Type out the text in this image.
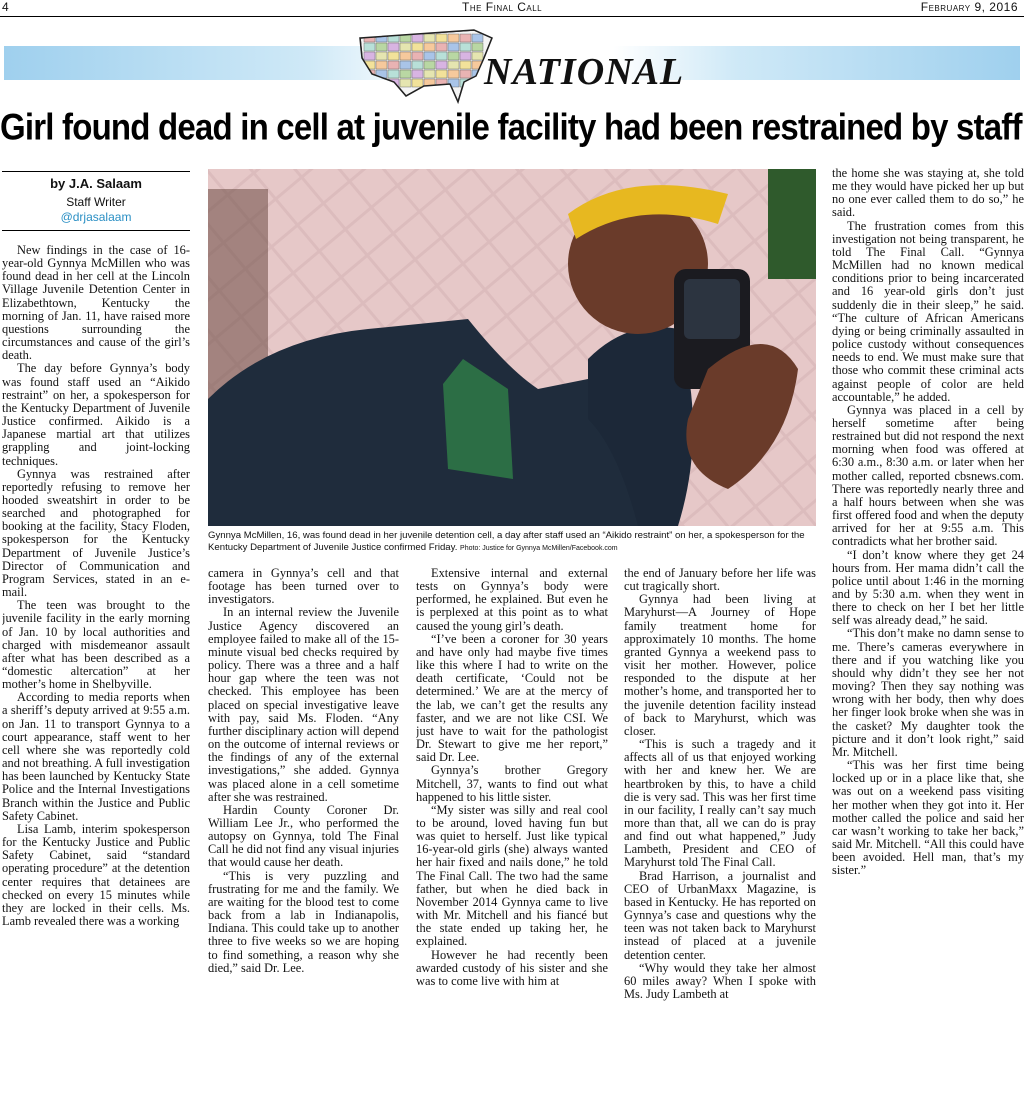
4	The Final Call	February 9, 2016
NATIONAL
Girl found dead in cell at juvenile facility had been restrained by staff
by J.A. Salaam
Staff Writer
@drjasalaam
Gynnya McMillen, 16, was found dead in her juvenile detention cell, a day after staff used an “Aikido restraint” on her, a spokesperson for the Kentucky Department of Juvenile Justice confirmed Friday. Photo: Justice for Gynnya McMillen/Facebook.com

New findings in the case of 16-year-old Gynnya McMillen who was found dead in her cell at the Lincoln Village Juvenile Detention Center in Elizabethtown, Kentucky the morning of Jan. 11, have raised more questions surrounding the circumstances and cause of the girl’s death.

The day before Gynnya’s body was found staff used an “Aikido restraint” on her, a spokesperson for the Kentucky Department of Juvenile Justice confirmed. Aikido is a Japanese martial art that utilizes grappling and joint-locking techniques.

Gynnya was restrained after reportedly refusing to remove her hooded sweatshirt in order to be searched and photographed for booking at the facility, Stacy Floden, spokesperson for the Kentucky Department of Juvenile Justice’s Director of Communication and Program Services, stated in an e-mail.

The teen was brought to the juvenile facility in the early morning of Jan. 10 by local authorities and charged with misdemeanor assault after what has been described as a “domestic altercation” at her mother’s home in Shelbyville.

According to media reports when a sheriff’s deputy arrived at 9:55 a.m. on Jan. 11 to transport Gynnya to a court appearance, staff went to her cell where she was reportedly cold and not breathing. A full investigation has been launched by Kentucky State Police and the Internal Investigations Branch within the Justice and Public Safety Cabinet.

Lisa Lamb, interim spokesperson for the Kentucky Justice and Public Safety Cabinet, said “standard operating procedure” at the detention center requires that detainees are checked on every 15 minutes while they are locked in their cells. Ms. Lamb revealed there was a working

camera in Gynnya’s cell and that footage has been turned over to investigators.

In an internal review the Juvenile Justice Agency discovered an employee failed to make all of the 15-minute visual bed checks required by policy. There was a three and a half hour gap where the teen was not checked. This employee has been placed on special investigative leave with pay, said Ms. Floden. “Any further disciplinary action will depend on the outcome of internal reviews or the findings of any of the external investigations,” she added. Gynnya was placed alone in a cell sometime after she was restrained.

Hardin County Coroner Dr. William Lee Jr., who performed the autopsy on Gynnya, told The Final Call he did not find any visual injuries that would cause her death.

“This is very puzzling and frustrating for me and the family. We are waiting for the blood test to come back from a lab in Indianapolis, Indiana. This could take up to another three to five weeks so we are hoping to find something, a reason why she died,” said Dr. Lee.

Extensive internal and external tests on Gynnya’s body were performed, he explained. But even he is perplexed at this point as to what caused the young girl’s death.

“I’ve been a coroner for 30 years and have only had maybe five times like this where I had to write on the death certificate, ‘Could not be determined.’ We are at the mercy of the lab, we can’t get the results any faster, and we are not like CSI. We just have to wait for the pathologist Dr. Stewart to give me her report,” said Dr. Lee.

Gynnya’s brother Gregory Mitchell, 37, wants to find out what happened to his little sister.

“My sister was silly and real cool to be around, loved having fun but was quiet to herself. Just like typical 16-year-old girls (she) always wanted her hair fixed and nails done,” he told The Final Call. The two had the same father, but when he died back in November 2014 Gynnya came to live with Mr. Mitchell and his fiancé but the state ended up taking her, he explained.

However he had recently been awarded custody of his sister and she was to come live with him at

the end of January before her life was cut tragically short.

Gynnya had been living at Maryhurst—A Journey of Hope family treatment home for approximately 10 months. The home granted Gynnya a weekend pass to visit her mother. However, police responded to the dispute at her mother’s home, and transported her to the juvenile detention facility instead of back to Maryhurst, which was closer.

“This is such a tragedy and it affects all of us that enjoyed working with her and knew her. We are heartbroken by this, to have a child die is very sad. This was her first time in our facility, I really can’t say much more than that, all we can do is pray and find out what happened,” Judy Lambeth, President and CEO of Maryhurst told The Final Call.

Brad Harrison, a journalist and CEO of UrbanMaxx Magazine, is based in Kentucky. He has reported on Gynnya’s case and questions why the teen was not taken back to Maryhurst instead of placed at a juvenile detention center.

“Why would they take her almost 60 miles away? When I spoke with Ms. Judy Lambeth at

the home she was staying at, she told me they would have picked her up but no one ever called them to do so,” he said.

The frustration comes from this investigation not being transparent, he told The Final Call. “Gynnya McMillen had no known medical conditions prior to being incarcerated and 16 year-old girls don’t just suddenly die in their sleep,” he said. “The culture of African Americans dying or being criminally assaulted in police custody without consequences needs to end. We must make sure that those who commit these criminal acts against people of color are held accountable,” he added.

Gynnya was placed in a cell by herself sometime after being restrained but did not respond the next morning when food was offered at 6:30 a.m., 8:30 a.m. or later when her mother called, reported cbsnews.com. There was reportedly nearly three and a half hours between when she was first offered food and when the deputy arrived for her at 9:55 a.m. This contradicts what her brother said.

“I don’t know where they get 24 hours from. Her mama didn’t call the police until about 1:46 in the morning and by 5:30 a.m. when they went in there to check on her I bet her little self was already dead,” he said.

“This don’t make no damn sense to me. There’s cameras everywhere in there and if you watching like you should why didn’t they see her not moving? Then they say nothing was wrong with her body, then why does her finger look broke when she was in the casket? My daughter took the picture and it don’t look right,” said Mr. Mitchell.

“This was her first time being locked up or in a place like that, she was out on a weekend pass visiting her mother when they got into it. Her mother called the police and said her car wasn’t working to take her back,” said Mr. Mitchell. “All this could have been avoided. Hell man, that’s my sister.”
